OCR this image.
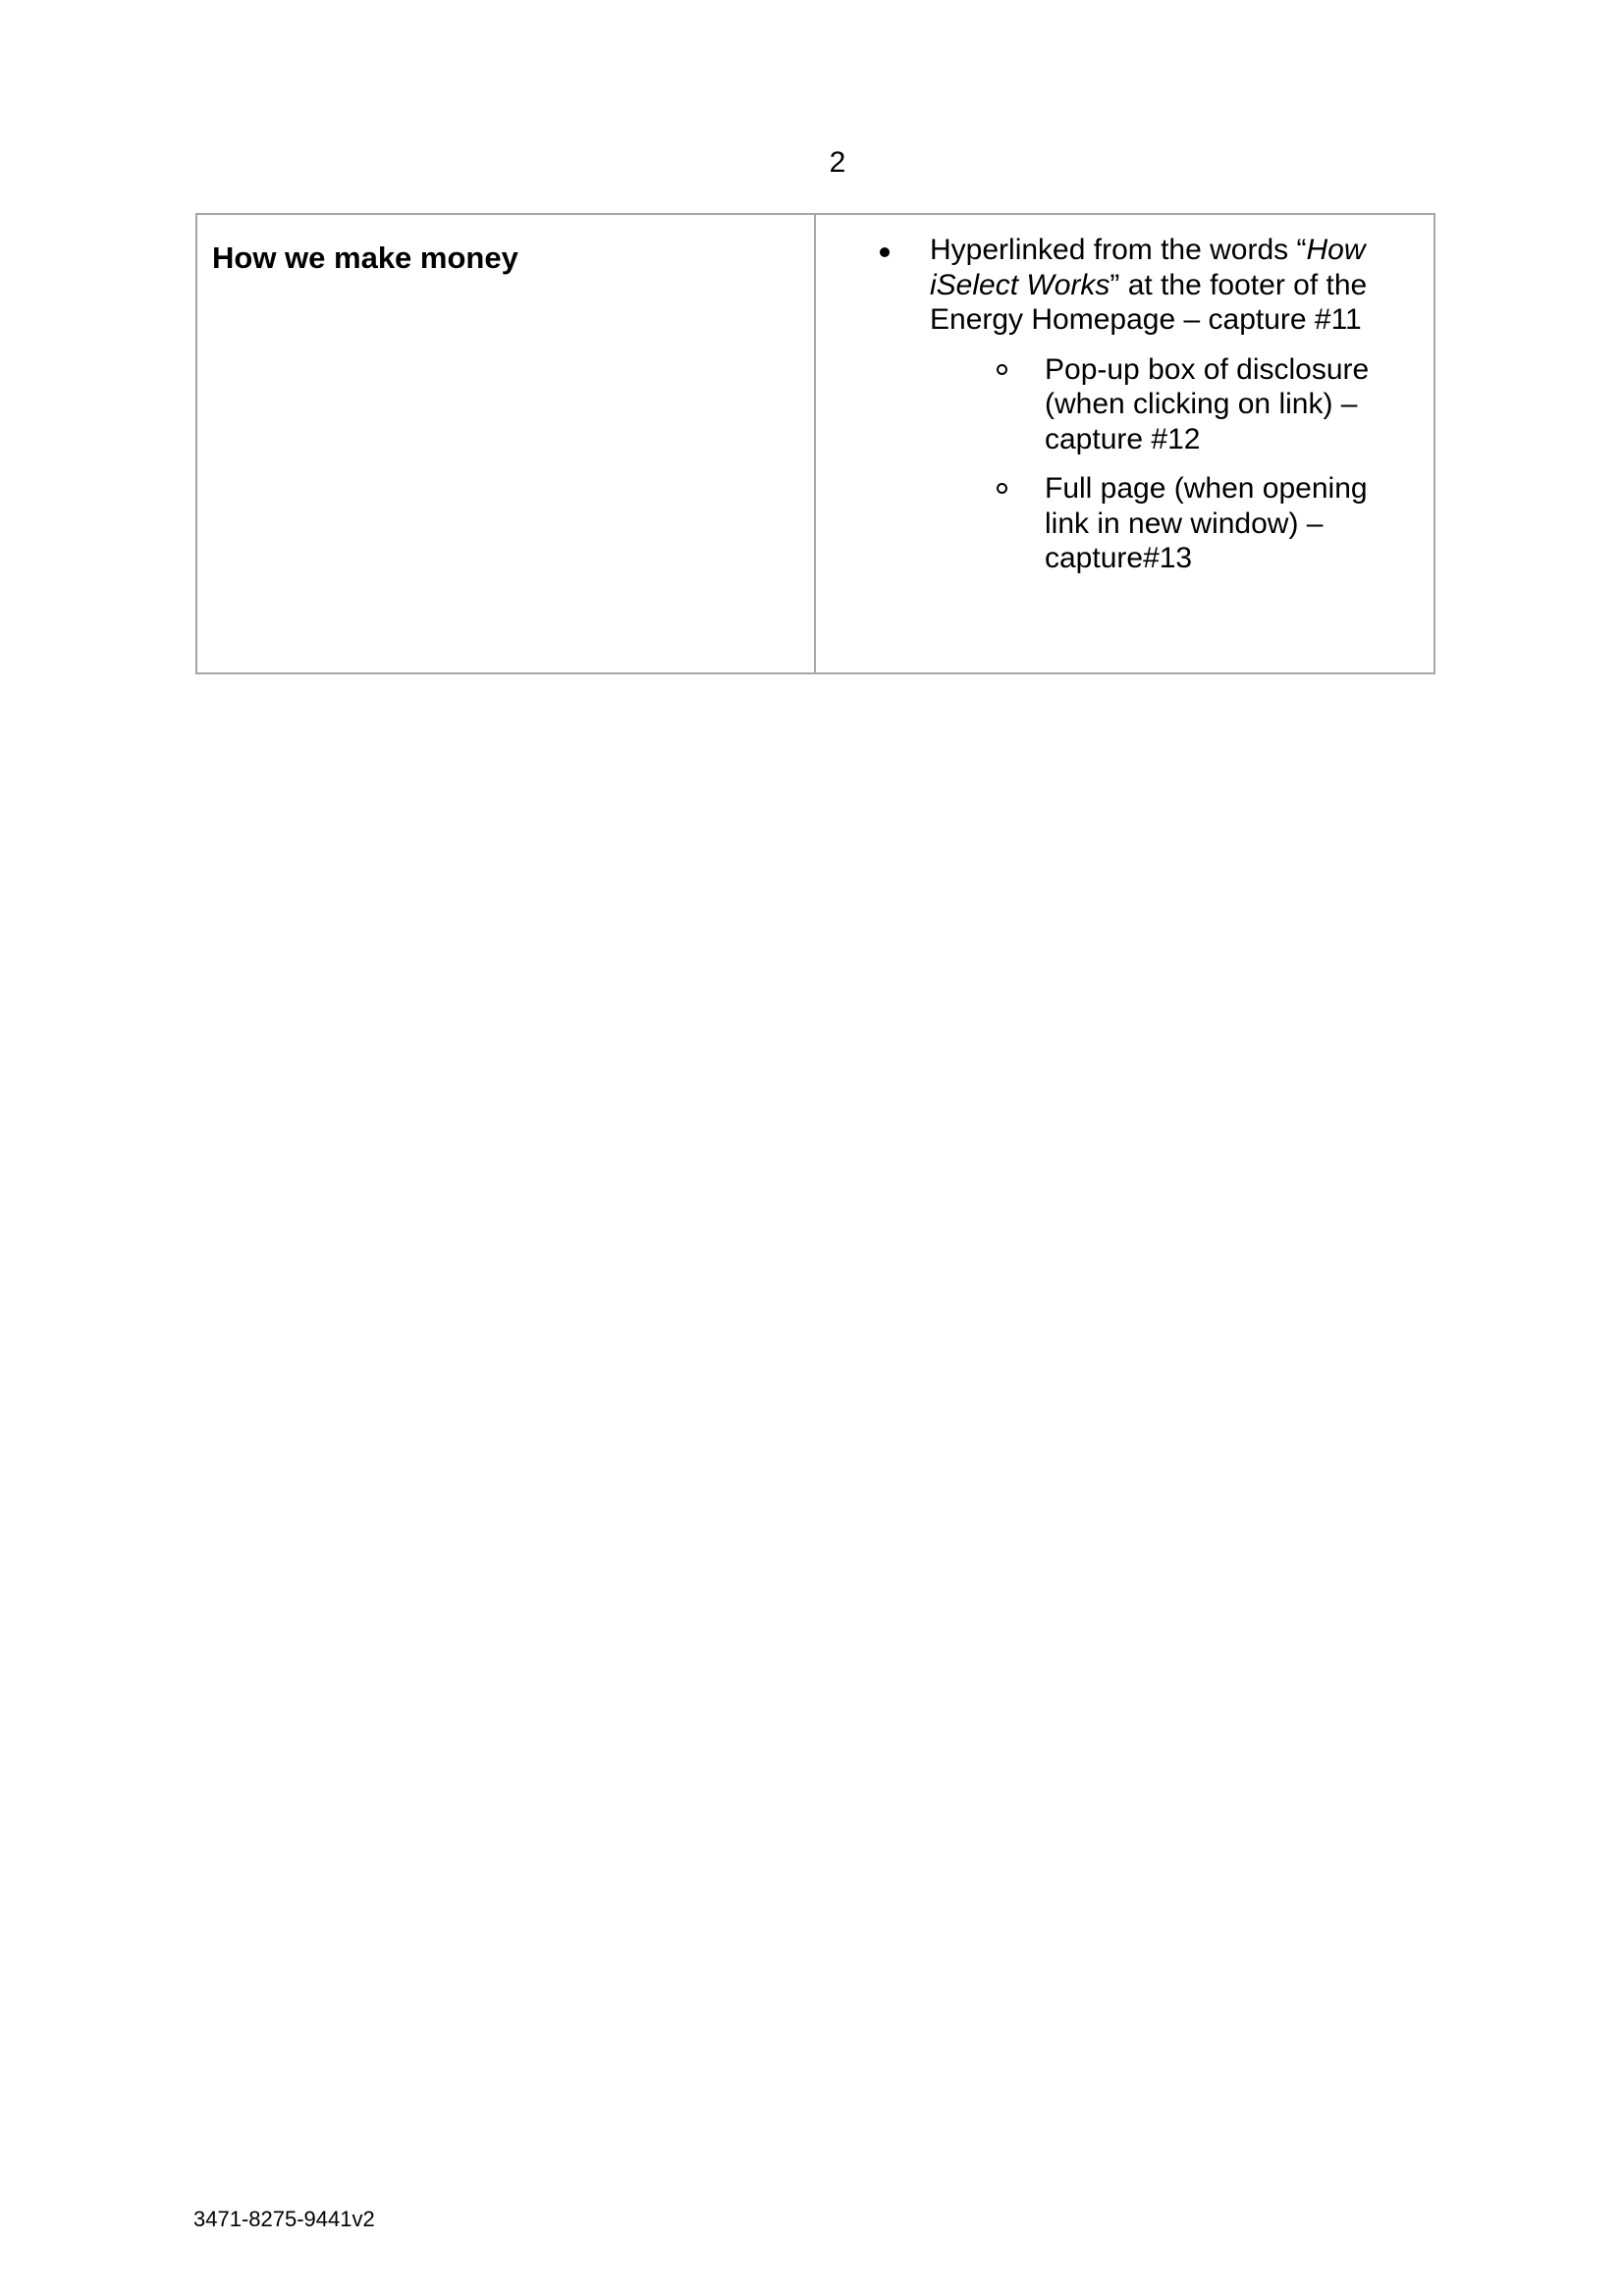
2
How we make money	Hyperlinked from the words “How iSelect Works” at the footer of the Energy Homepage – capture #11
Pop-up box of disclosure (when clicking on link) – capture #12
Full page (when opening link in new window) – capture#13
3471-8275-9441v2
